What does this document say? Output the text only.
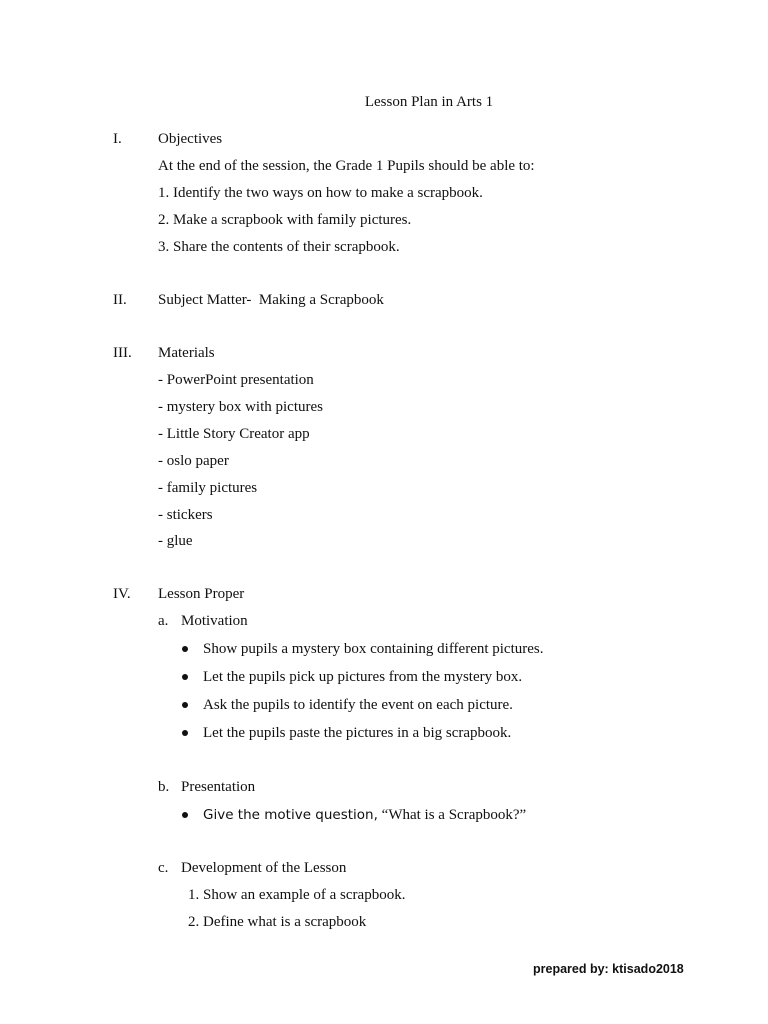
Lesson Plan in Arts 1
I. Objectives
At the end of the session, the Grade 1 Pupils should be able to:
1. Identify the two ways on how to make a scrapbook.
2. Make a scrapbook with family pictures.
3. Share the contents of their scrapbook.
II. Subject Matter-  Making a Scrapbook
III. Materials
- PowerPoint presentation
- mystery box with pictures
- Little Story Creator app
- oslo paper
- family pictures
- stickers
- glue
IV. Lesson Proper
a. Motivation
Show pupils a mystery box containing different pictures.
Let the pupils pick up pictures from the mystery box.
Ask the pupils to identify the event on each picture.
Let the pupils paste the pictures in a big scrapbook.
b. Presentation
Give the motive question, “What is a Scrapbook?”
c. Development of the Lesson
1. Show an example of a scrapbook.
2. Define what is a scrapbook
prepared by: ktisado2018
